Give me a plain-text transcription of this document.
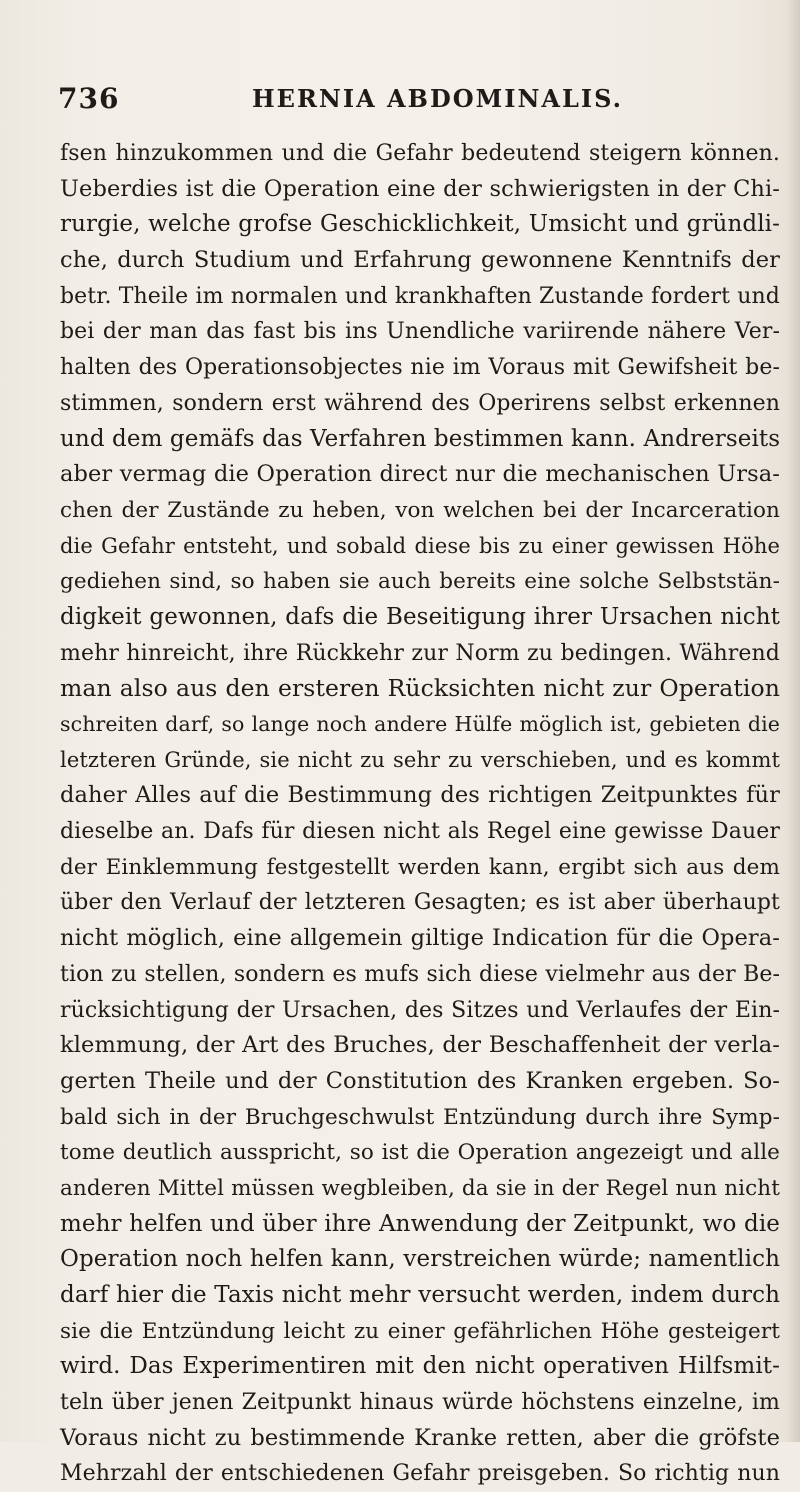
736	HERNIA ABDOMINALIS.
fsen hinzukommen und die Gefahr bedeutend steigern können.
Ueberdies ist die Operation eine der schwierigsten in der Chi-
rurgie, welche grofse Geschicklichkeit, Umsicht und gründli-
che, durch Studium und Erfahrung gewonnene Kenntnifs der
betr. Theile im normalen und krankhaften Zustande fordert und
bei der man das fast bis ins Unendliche variirende nähere Ver-
halten des Operationsobjectes nie im Voraus mit Gewifsheit be-
stimmen, sondern erst während des Operirens selbst erkennen
und dem gemäfs das Verfahren bestimmen kann. Andrerseits
aber vermag die Operation direct nur die mechanischen Ursa-
chen der Zustände zu heben, von welchen bei der Incarceration
die Gefahr entsteht, und sobald diese bis zu einer gewissen Höhe
gediehen sind, so haben sie auch bereits eine solche Selbststän-
digkeit gewonnen, dafs die Beseitigung ihrer Ursachen nicht
mehr hinreicht, ihre Rückkehr zur Norm zu bedingen. Während
man also aus den ersteren Rücksichten nicht zur Operation
schreiten darf, so lange noch andere Hülfe möglich ist, gebieten die
letzteren Gründe, sie nicht zu sehr zu verschieben, und es kommt
daher Alles auf die Bestimmung des richtigen Zeitpunktes für
dieselbe an. Dafs für diesen nicht als Regel eine gewisse Dauer
der Einklemmung festgestellt werden kann, ergibt sich aus dem
über den Verlauf der letzteren Gesagten; es ist aber überhaupt
nicht möglich, eine allgemein giltige Indication für die Opera-
tion zu stellen, sondern es mufs sich diese vielmehr aus der Be-
rücksichtigung der Ursachen, des Sitzes und Verlaufes der Ein-
klemmung, der Art des Bruches, der Beschaffenheit der verla-
gerten Theile und der Constitution des Kranken ergeben. So-
bald sich in der Bruchgeschwulst Entzündung durch ihre Symp-
tome deutlich ausspricht, so ist die Operation angezeigt und alle
anderen Mittel müssen wegbleiben, da sie in der Regel nun nicht
mehr helfen und über ihre Anwendung der Zeitpunkt, wo die
Operation noch helfen kann, verstreichen würde; namentlich
darf hier die Taxis nicht mehr versucht werden, indem durch
sie die Entzündung leicht zu einer gefährlichen Höhe gesteigert
wird. Das Experimentiren mit den nicht operativen Hilfsmit-
teln über jenen Zeitpunkt hinaus würde höchstens einzelne, im
Voraus nicht zu bestimmende Kranke retten, aber die gröfste
Mehrzahl der entschiedenen Gefahr preisgeben. So richtig nun
